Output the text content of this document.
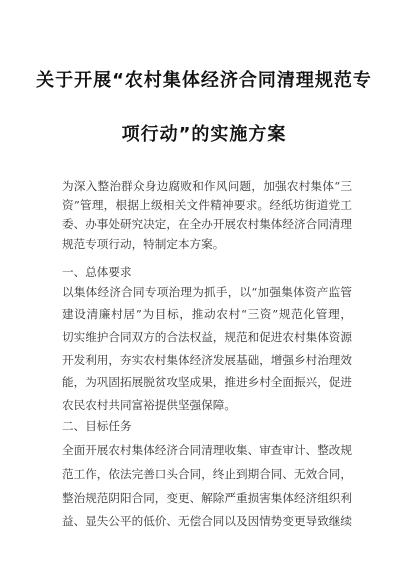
关于开展“农村集体经济合同清理规范专
项行动”的实施方案
为深入整治群众身边腐败和作风问题，加强农村集体“三
资”管理，根据上级相关文件精神要求。经纸坊街道党工
委、办事处研究决定，在全办开展农村集体经济合同清理
规范专项行动，特制定本方案。
一、总体要求
以集体经济合同专项治理为抓手，以“加强集体资产监管
建设清廉村居”为目标，推动农村“三资”规范化管理，
切实维护合同双方的合法权益，规范和促进农村集体资源
开发利用，夯实农村集体经济发展基础，增强乡村治理效
能，为巩固拓展脱贫攻坚成果，推进乡村全面振兴，促进
农民农村共同富裕提供坚强保障。
二、目标任务
全面开展农村集体经济合同清理收集、审查审计、整改规
范工作，依法完善口头合同，终止到期合同、无效合同，
整治规范阴阳合同，变更、解除严重损害集体经济组织利
益、显失公平的低价、无偿合同以及因情势变更导致继续
